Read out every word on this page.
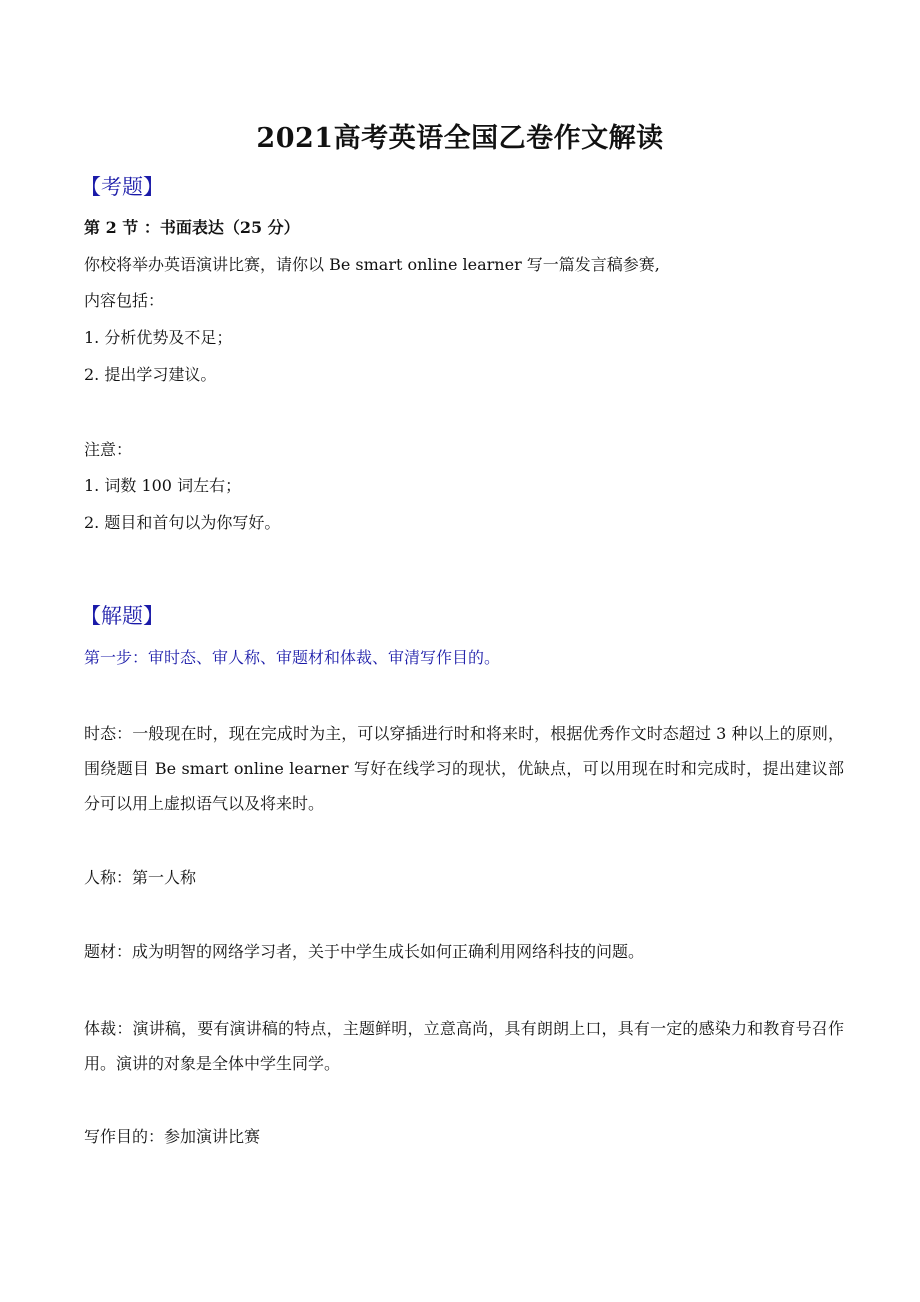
2021高考英语全国乙卷作文解读
【考题】
第 2 节 ：书面表达（25 分）
你校将举办英语演讲比赛，请你以 Be smart online learner 写一篇发言稿参赛,
内容包括：
1. 分析优势及不足；
2. 提出学习建议。
注意：
1. 词数 100 词左右；
2. 题目和首句以为你写好。
【解题】
第一步：审时态、审人称、审题材和体裁、审清写作目的。
时态：一般现在时，现在完成时为主，可以穿插进行时和将来时，根据优秀作文时态超过 3 种以上的原则，围绕题目 Be smart online learner 写好在线学习的现状，优缺点，可以用现在时和完成时，提出建议部分可以用上虚拟语气以及将来时。
人称：第一人称
题材：成为明智的网络学习者，关于中学生成长如何正确利用网络科技的问题。
体裁：演讲稿，要有演讲稿的特点，主题鲜明，立意高尚，具有朗朗上口，具有一定的感染力和教育号召作用。演讲的对象是全体中学生同学。
写作目的：参加演讲比赛
